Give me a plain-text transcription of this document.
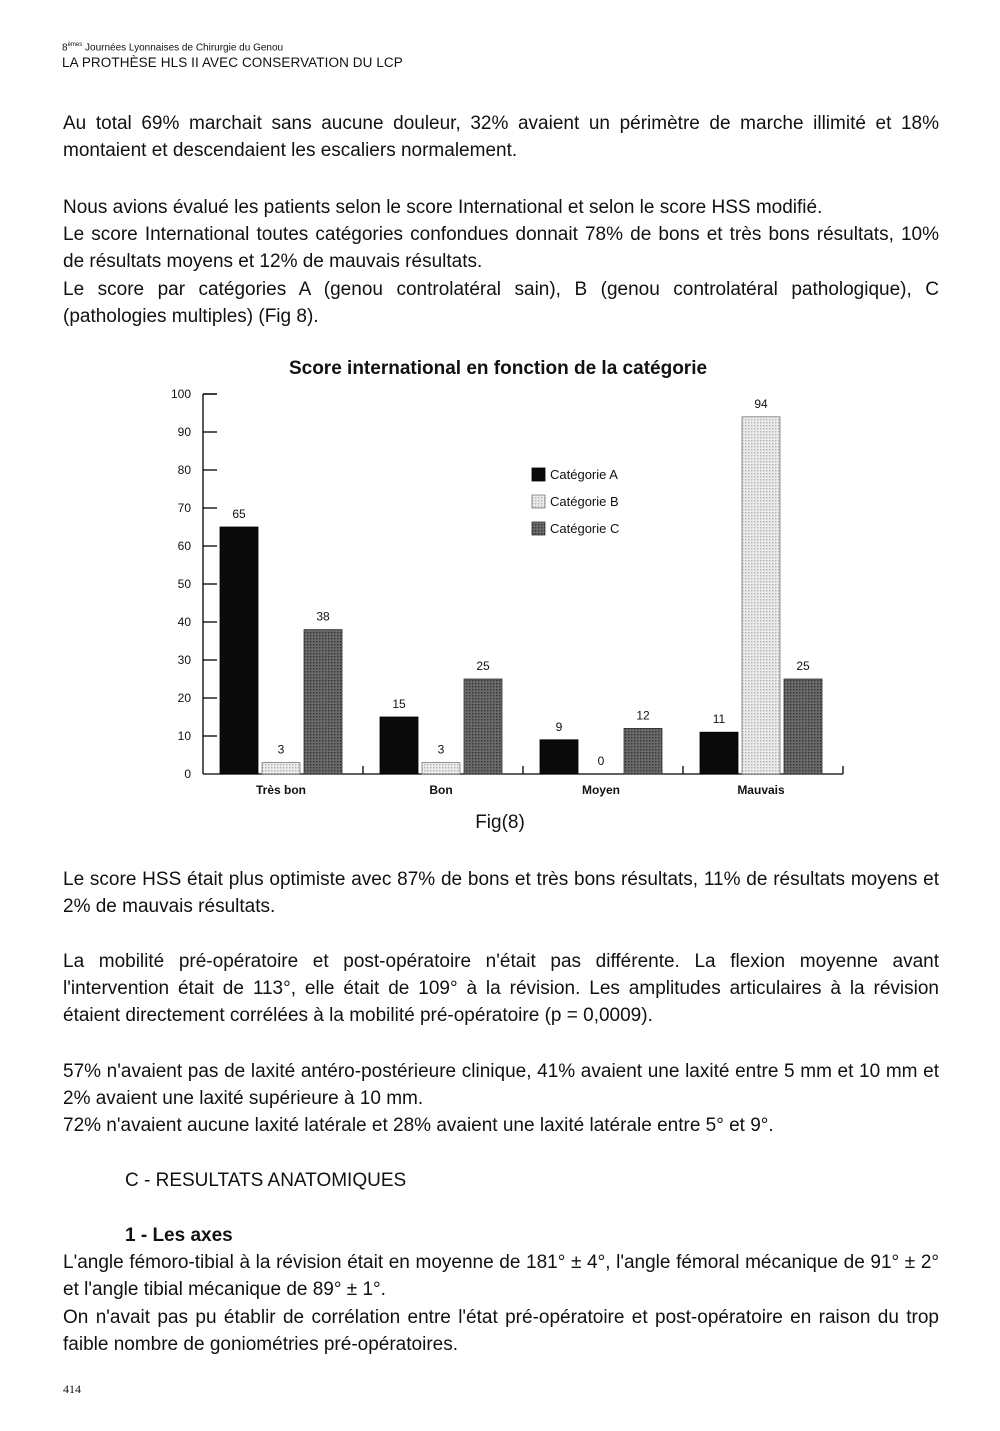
8èmes Journées Lyonnaises de Chirurgie du Genou
LA PROTHÈSE HLS II AVEC CONSERVATION DU LCP

Au total 69% marchait sans aucune douleur, 32% avaient un périmètre de marche illimité et 18% montaient et descendaient les escaliers normalement.

Nous avions évalué les patients selon le score International et selon le score HSS modifié.

Le score International toutes catégories confondues donnait 78% de bons et très bons résultats, 10% de résultats moyens et 12% de mauvais résultats.

Le score par catégories A (genou controlatéral sain), B (genou controlatéral pathologique), C (pathologies multiples) (Fig 8).

Score international en fonction de la catégorie
0
10
20
30
40
50
60
70
80
90
100
65
3
38
Très bon
15
3
25
Bon
9
0
12
Moyen
11
94
25
Mauvais
Catégorie A
Catégorie B
Catégorie C
Fig(8)

Le score HSS était plus optimiste avec 87% de bons et très bons résultats, 11% de résultats moyens et 2% de mauvais résultats.

La mobilité pré-opératoire et post-opératoire n'était pas différente. La flexion moyenne avant l'intervention était de 113°, elle était de 109° à la révision. Les amplitudes articulaires à la révision étaient directement corrélées à la mobilité pré-opératoire (p = 0,0009).

57% n'avaient pas de laxité antéro-postérieure clinique, 41% avaient une laxité entre 5 mm et 10 mm et 2% avaient une laxité supérieure à 10 mm.

72% n'avaient aucune laxité latérale et 28% avaient une laxité latérale entre 5° et 9°.

C - RESULTATS ANATOMIQUES

1 - Les axes

L'angle fémoro-tibial à la révision était en moyenne de 181° ± 4°, l'angle fémoral mécanique de 91° ± 2° et l'angle tibial mécanique de 89° ± 1°.

On n'avait pas pu établir de corrélation entre l'état pré-opératoire et post-opératoire en raison du trop faible nombre de goniométries pré-opératoires.

414
